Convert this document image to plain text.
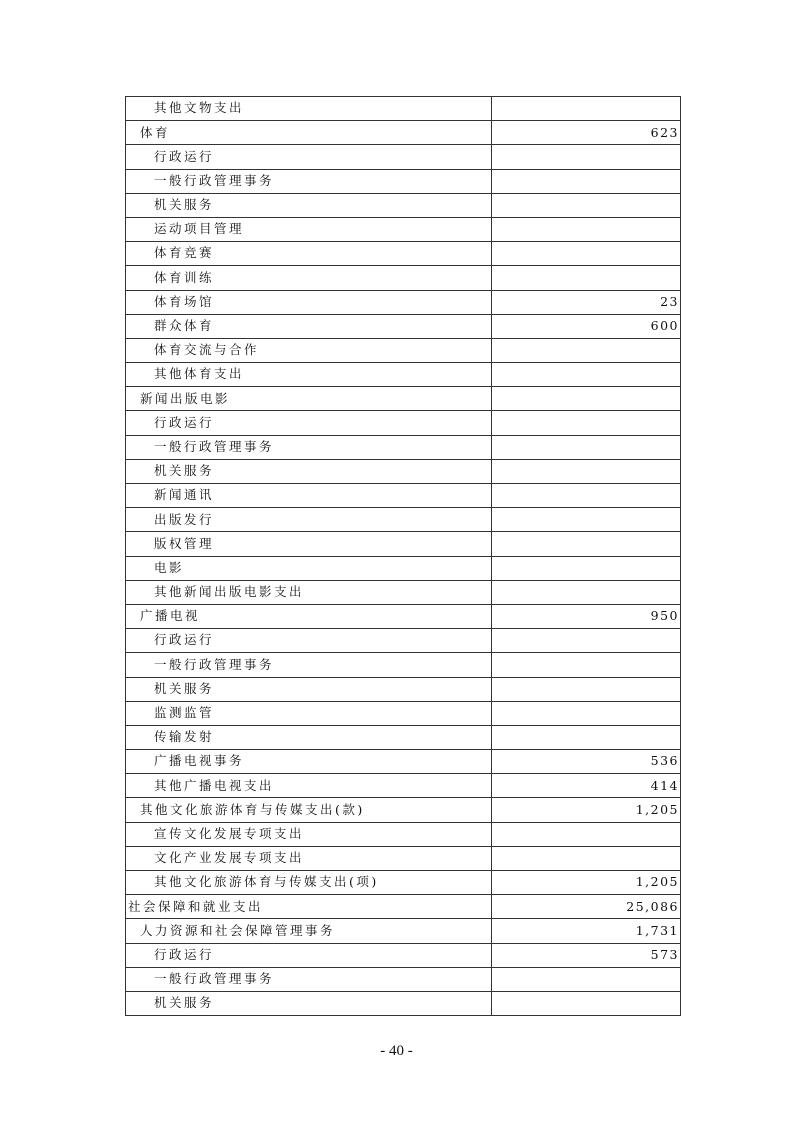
其他文物支出	
体育	623
行政运行	
一般行政管理事务	
机关服务	
运动项目管理	
体育竞赛	
体育训练	
体育场馆	23
群众体育	600
体育交流与合作	
其他体育支出	
新闻出版电影	
行政运行	
一般行政管理事务	
机关服务	
新闻通讯	
出版发行	
版权管理	
电影	
其他新闻出版电影支出	
广播电视	950
行政运行	
一般行政管理事务	
机关服务	
监测监管	
传输发射	
广播电视事务	536
其他广播电视支出	414
其他文化旅游体育与传媒支出(款)	1,205
宣传文化发展专项支出	
文化产业发展专项支出	
其他文化旅游体育与传媒支出(项)	1,205
社会保障和就业支出	25,086
人力资源和社会保障管理事务	1,731
行政运行	573
一般行政管理事务	
机关服务	
- 40 -
